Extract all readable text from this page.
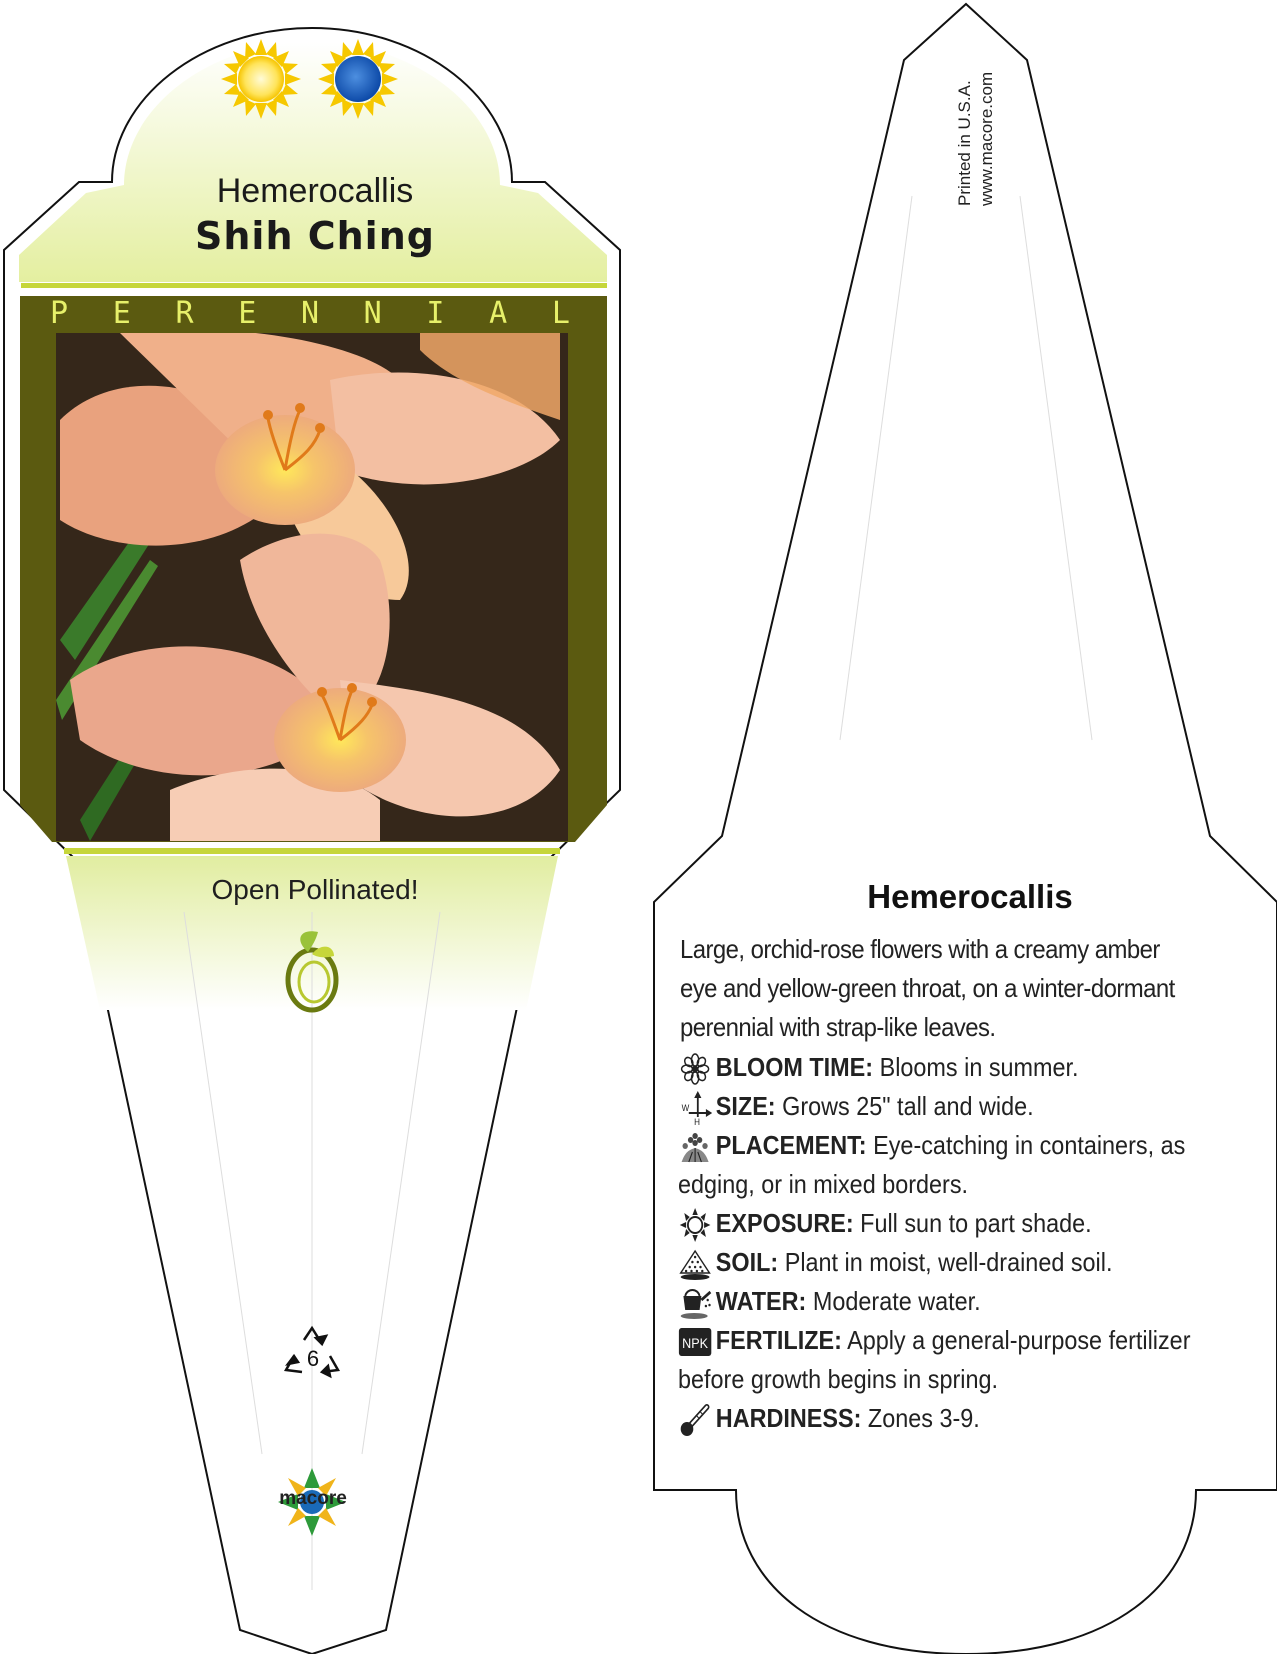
Hemerocallis
Shih Ching
P E R E N N I A L
Open Pollinated!
6
macore
Printed in U.S.A. www.macore.com
Hemerocallis
Large, orchid-rose flowers with a creamy amber eye and yellow-green throat, on a winter-dormant perennial with strap-like leaves.
BLOOM TIME: Blooms in summer.
W
H
SIZE: Grows 25" tall and wide.
PLACEMENT: Eye-catching in containers, as edging, or in mixed borders.
EXPOSURE: Full sun to part shade.
SOIL: Plant in moist, well-drained soil.
WATER: Moderate water.
NPK FERTILIZE: Apply a general-purpose fertilizer before growth begins in spring.
HARDINESS: Zones 3-9.
